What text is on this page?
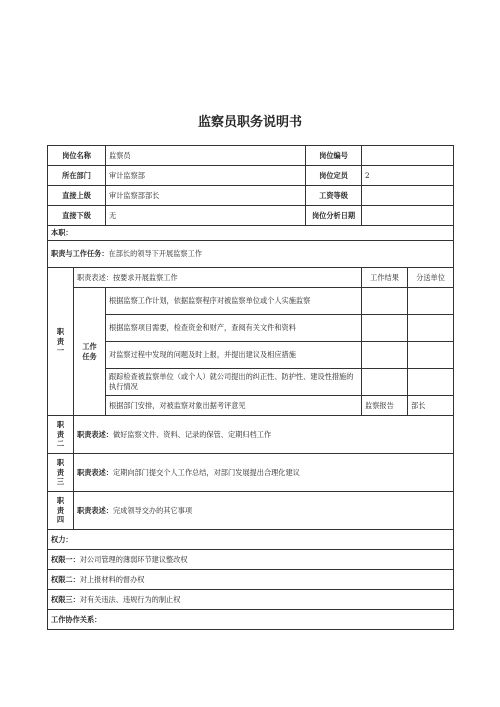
监察员职务说明书
岗位名称		监察员	岗位编号		
所在部门		审计监察部	岗位定员	2	
直接上级		审计监察部部长	工资等级		
直接下级		无	岗位分析日期		
本职：					
职责与工作任务：在部长的领导下开展监察工作					
职
责
一	职责表述：按要求开展监察工作			工作结果	分送单位
	工作
任务	根据监察工作计划，依据监察程序对被监察单位或个人实施监察			
		根据监察项目需要，检查资金和财产，查阅有关文件和资料			
		对监察过程中发现的问题及时上报，并提出建议及相应措施			
		跟踪检查被监察单位（或个人）就公司提出的纠正性、防护性、建设性措施的执行情况			
		根据部门安排，对被监察对象出据考评意见		监察报告	部长
职
责
二	职责表述：做好监察文件、资料、记录的保管、定期归档工作				
职
责
三	职责表述：定期向部门提交个人工作总结，对部门发展提出合理化建议				
职
责
四	职责表述：完成领导交办的其它事项				
权力：					
权限一：对公司管理的薄弱环节建议整改权					
权限二：对上报材料的督办权					
权限三：对有关违法、违规行为的制止权					
工作协作关系：					
